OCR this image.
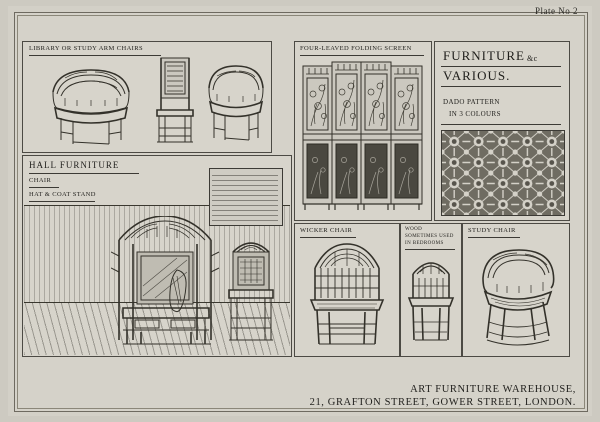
Plate No 2
LIBRARY OR STUDY ARM CHAIRS
HALL FURNITURE
CHAIR
HAT & COAT STAND
FOUR-LEAVED FOLDING SCREEN FURNITURE &c
VARIOUS.
DADO PATTERN
IN 3 COLOURS
WICKER CHAIR	WOOD
SOMETIMES USED
IN BEDROOMS
STUDY CHAIR
ART FURNITURE WAREHOUSE,
21, GRAFTON STREET, GOWER STREET, LONDON.
